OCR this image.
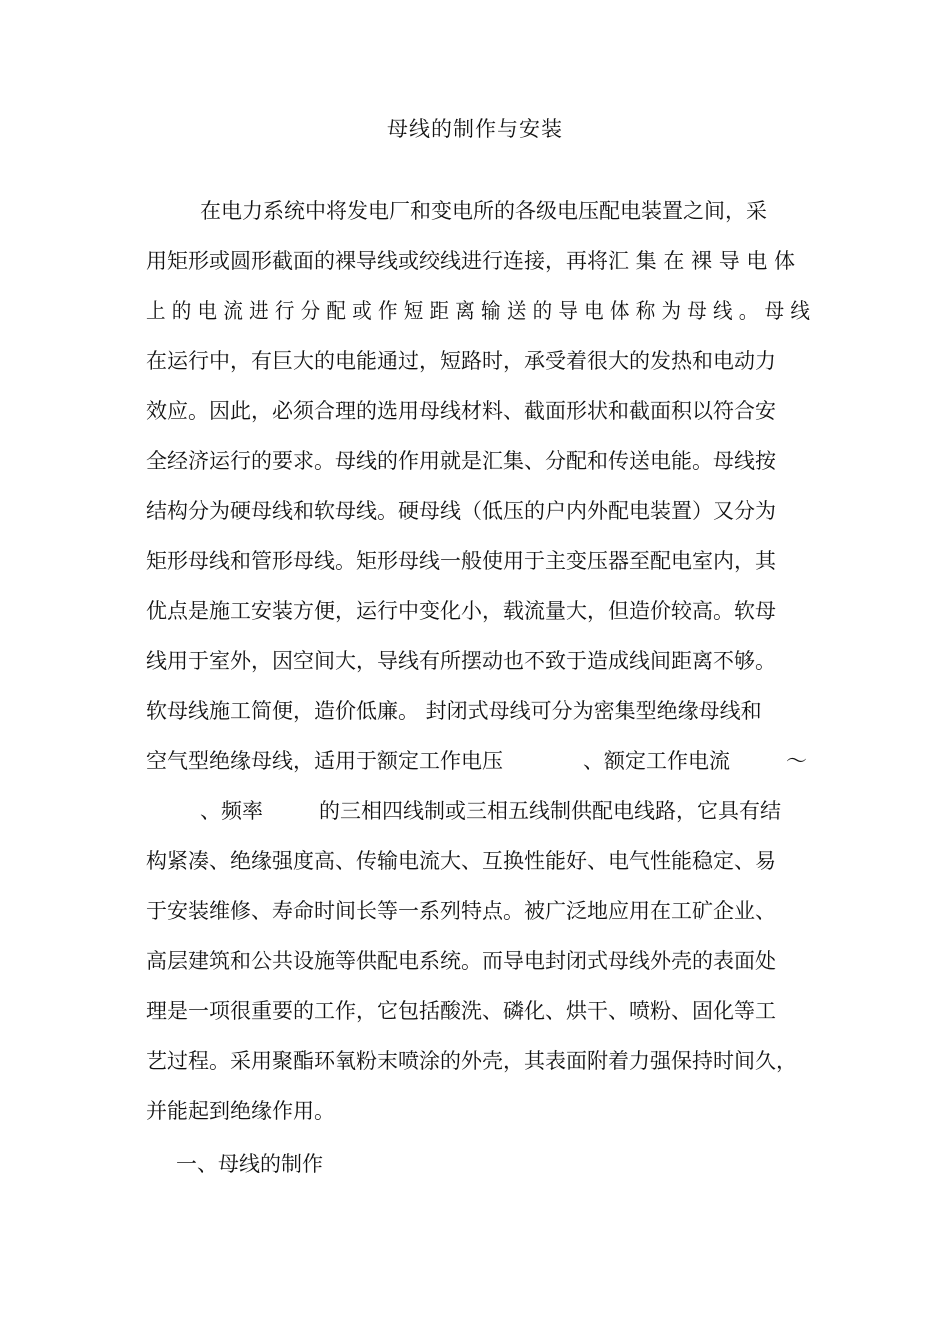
母线的制作与安装
在电力系统中将发电厂和变电所的各级电压配电装置之间，采
用矩形或圆形截面的裸导线或绞线进行连接，再将汇 集 在 裸 导 电 体
上 的 电 流 进 行 分 配 或 作 短 距 离 输 送 的 导 电 体 称 为 母 线 。 母 线
在运行中，有巨大的电能通过，短路时，承受着很大的发热和电动力
效应。因此，必须合理的选用母线材料、截面形状和截面积以符合安
全经济运行的要求。母线的作用就是汇集、分配和传送电能。母线按
结构分为硬母线和软母线。硬母线（低压的户内外配电装置）又分为
矩形母线和管形母线。矩形母线一般使用于主变压器至配电室内，其
优点是施工安装方便，运行中变化小，载流量大，但造价较高。软母
线用于室外，因空间大，导线有所摆动也不致于造成线间距离不够。
软母线施工简便，造价低廉。 封闭式母线可分为密集型绝缘母线和

空气型绝缘母线，适用于额定工作电压

	、额定工作电流

	～

、频率

	的三相四线制或三相五线制供配电线路，它具有结

构紧凑、绝缘强度高、传输电流大、互换性能好、电气性能稳定、易
于安装维修、寿命时间长等一系列特点。被广泛地应用在工矿企业、
高层建筑和公共设施等供配电系统。而导电封闭式母线外壳的表面处
理是一项很重要的工作，它包括酸洗、磷化、烘干、喷粉、固化等工
艺过程。采用聚酯环氧粉末喷涂的外壳，其表面附着力强保持时间久，
并能起到绝缘作用。
一、母线的制作
